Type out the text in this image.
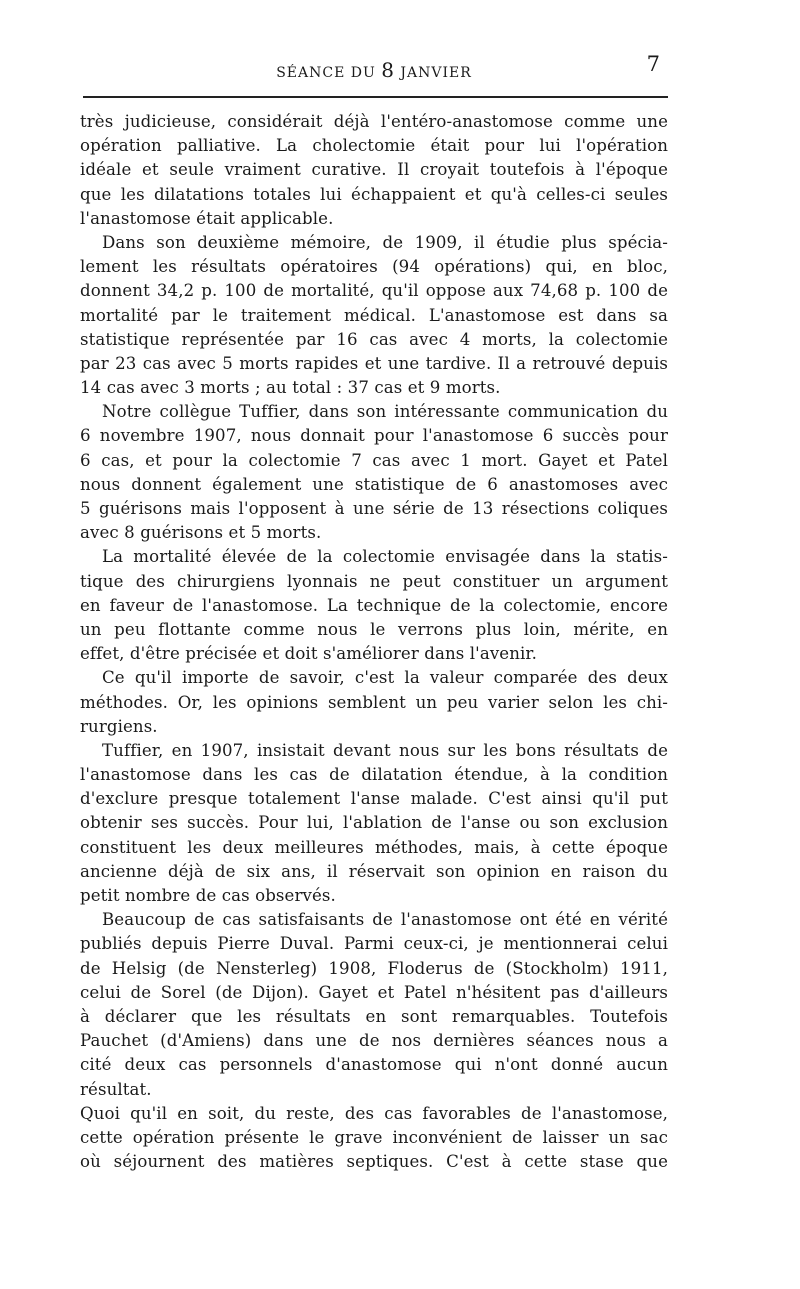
SÉANCE DU 8 JANVIER	7
très judicieuse, considérait déjà l'entéro-anastomose comme une
opération palliative. La cholectomie était pour lui l'opération
idéale et seule vraiment curative. Il croyait toutefois à l'époque
que les dilatations totales lui échappaient et qu'à celles-ci seules
l'anastomose était applicable.
Dans son deuxième mémoire, de 1909, il étudie plus spécia-
lement les résultats opératoires (94 opérations) qui, en bloc,
donnent 34,2 p. 100 de mortalité, qu'il oppose aux 74,68 p. 100 de
mortalité par le traitement médical. L'anastomose est dans sa
statistique représentée par 16 cas avec 4 morts, la colectomie
par 23 cas avec 5 morts rapides et une tardive. Il a retrouvé depuis
14 cas avec 3 morts ; au total : 37 cas et 9 morts.
Notre collègue Tuffier, dans son intéressante communication du
6 novembre 1907, nous donnait pour l'anastomose 6 succès pour
6 cas, et pour la colectomie 7 cas avec 1 mort. Gayet et Patel
nous donnent également une statistique de 6 anastomoses avec
5 guérisons mais l'opposent à une série de 13 résections coliques
avec 8 guérisons et 5 morts.
La mortalité élevée de la colectomie envisagée dans la statis-
tique des chirurgiens lyonnais ne peut constituer un argument
en faveur de l'anastomose. La technique de la colectomie, encore
un peu flottante comme nous le verrons plus loin, mérite, en
effet, d'être précisée et doit s'améliorer dans l'avenir.
Ce qu'il importe de savoir, c'est la valeur comparée des deux
méthodes. Or, les opinions semblent un peu varier selon les chi-
rurgiens.
Tuffier, en 1907, insistait devant nous sur les bons résultats de
l'anastomose dans les cas de dilatation étendue, à la condition
d'exclure presque totalement l'anse malade. C'est ainsi qu'il put
obtenir ses succès. Pour lui, l'ablation de l'anse ou son exclusion
constituent les deux meilleures méthodes, mais, à cette époque
ancienne déjà de six ans, il réservait son opinion en raison du
petit nombre de cas observés.
Beaucoup de cas satisfaisants de l'anastomose ont été en vérité
publiés depuis Pierre Duval. Parmi ceux-ci, je mentionnerai celui
de Helsig (de Nensterleg) 1908, Floderus de (Stockholm) 1911,
celui de Sorel (de Dijon). Gayet et Patel n'hésitent pas d'ailleurs
à déclarer que les résultats en sont remarquables. Toutefois
Pauchet (d'Amiens) dans une de nos dernières séances nous a
cité deux cas personnels d'anastomose qui n'ont donné aucun
résultat.
Quoi qu'il en soit, du reste, des cas favorables de l'anastomose,
cette opération présente le grave inconvénient de laisser un sac
où séjournent des matières septiques. C'est à cette stase que
